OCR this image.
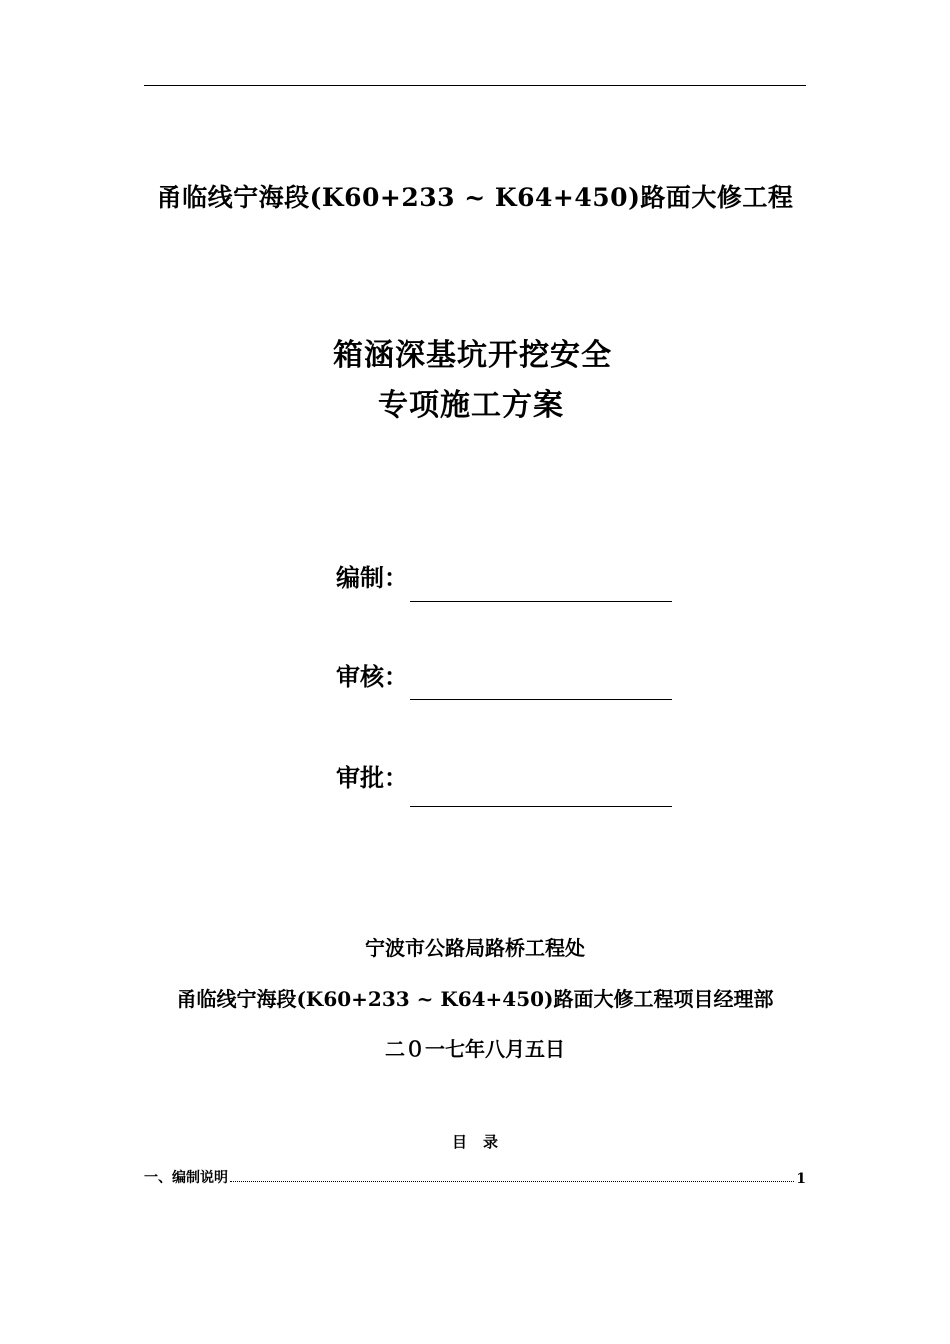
甬临线宁海段(K60+233 ~ K64+450)路面大修工程
箱涵深基坑开挖安全
专项施工方案
编制：
审核：
审批：
宁波市公路局路桥工程处
甬临线宁海段(K60+233 ~ K64+450)路面大修工程项目经理部
二０一七年八月五日
目 录
一、编制说明	1
